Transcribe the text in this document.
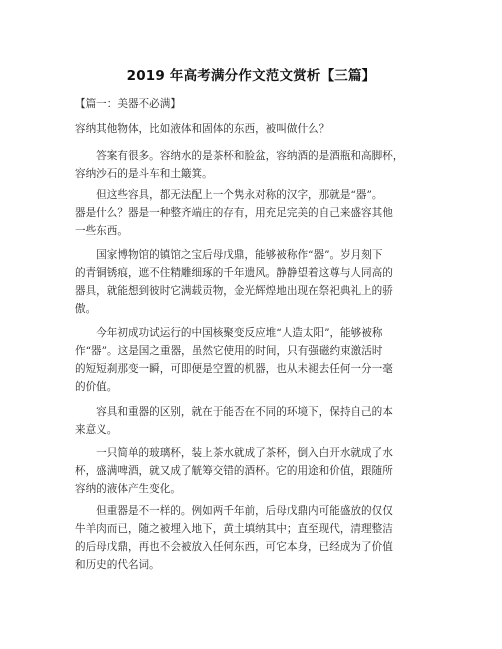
2019 年高考满分作文范文赏析【三篇】
【篇一：美器不必满】
容纳其他物体，比如液体和固体的东西，被叫做什么？
　　答案有很多。容纳水的是茶杯和脸盆，容纳酒的是酒瓶和高脚杯，
容纳沙石的是斗车和土簸箕。
　　但这些容具，都无法配上一个隽永对称的汉字，那就是“器”。
器是什么？器是一种整齐端庄的存有，用充足完美的自己来盛容其他
一些东西。
　　国家博物馆的镇馆之宝后母戊鼎，能够被称作“器”。岁月刻下
的青铜锈痕，遮不住精雕细琢的千年遗风。静静望着这尊与人同高的
器具，就能想到彼时它满载贡物，金光辉煌地出现在祭祀典礼上的骄
傲。
　　今年初成功试运行的中国核聚变反应堆“人造太阳”，能够被称
作“器”。这是国之重器，虽然它使用的时间，只有强磁约束激活时
的短短刹那变一瞬，可即便是空置的机器，也从未褪去任何一分一毫
的价值。
　　容具和重器的区别，就在于能否在不同的环境下，保持自己的本
来意义。
　　一只简单的玻璃杯，装上茶水就成了茶杯，倒入白开水就成了水
杯，盛满啤酒，就又成了觥筹交错的酒杯。它的用途和价值，跟随所
容纳的液体产生变化。
　　但重器是不一样的。例如两千年前，后母戊鼎内可能盛放的仅仅
牛羊肉而已，随之被埋入地下，黄土填纳其中；直至现代，清理整洁
的后母戊鼎，再也不会被放入任何东西，可它本身，已经成为了价值
和历史的代名词。
